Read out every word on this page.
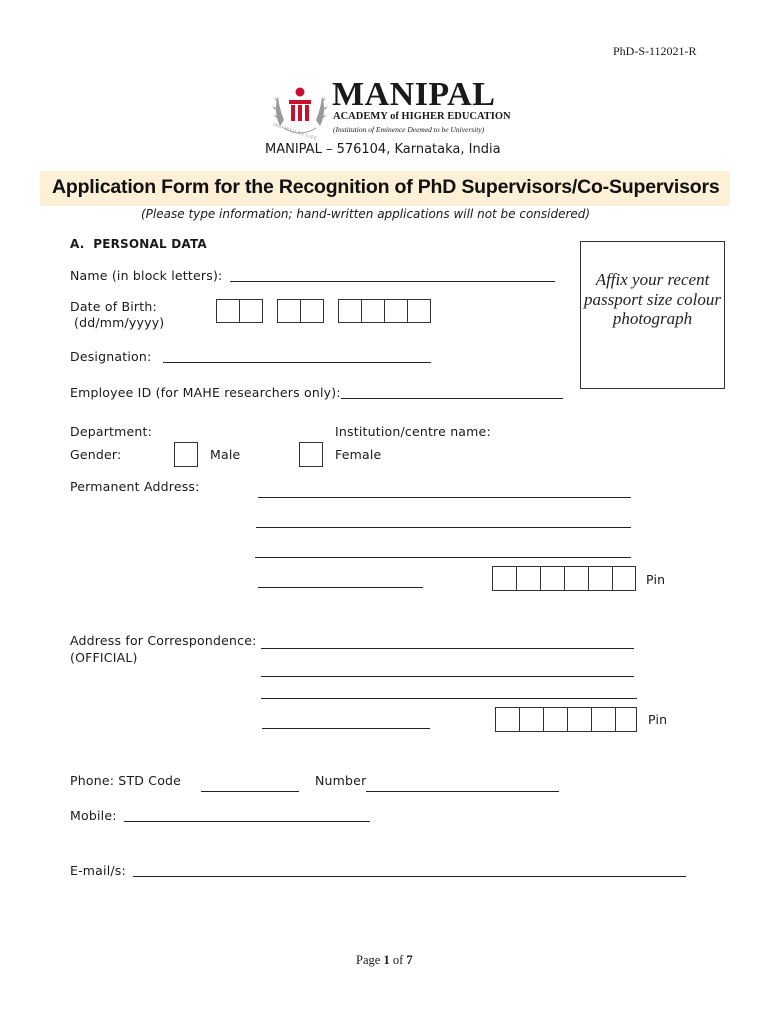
PhD-S-112021-R
INSPIRED BY LIFE
MANIPAL
ACADEMY of HIGHER EDUCATION
(Institution of Eminence Deemed to be University)
MANIPAL – 576104, Karnataka, India
Application Form for the Recognition of PhD Supervisors/Co-Supervisors
(Please type information; hand-written applications will not be considered)
A.  PERSONAL DATA
Affix your recent passport size colour photograph
Name (in block letters):
Date of Birth:
(dd/mm/yyyy)
Designation:
Employee ID (for MAHE researchers only):
Department:	Institution/centre name:
Gender:	Male	Female
Permanent Address:
Pin
Address for Correspondence:
(OFFICIAL)
Pin
Phone: STD Code	Number
Mobile:
E-mail/s:
Page 1 of 7
